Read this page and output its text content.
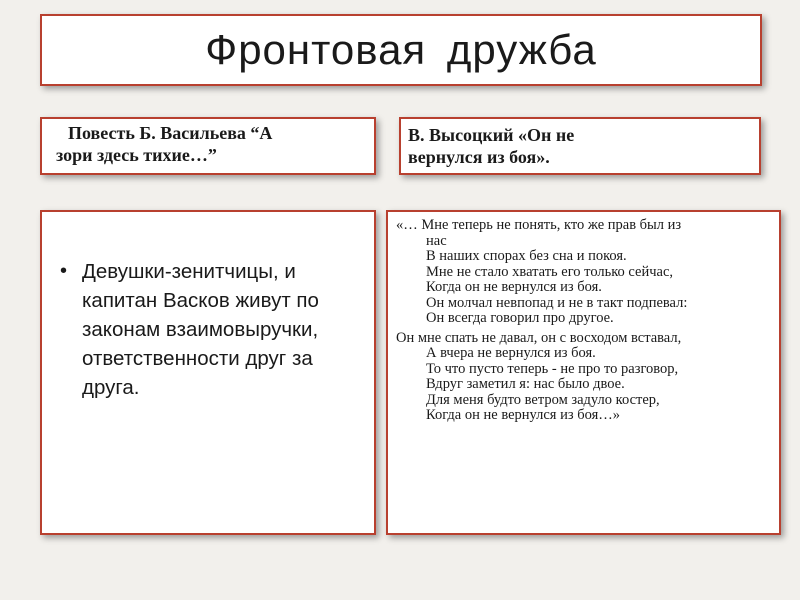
Фронтовая дружба
Повесть Б. Васильева “А
зори здесь тихие…”
В. Высоцкий «Он не
вернулся из боя».
• Девушки-зенитчицы, и капитан Васков живут по законам взаимовыручки, ответственности друг за друга.
«… Мне теперь не понять, кто же прав был из
нас
В наших спорах без сна и покоя.
Мне не стало хватать его только сейчас,
Когда он не вернулся из боя.
Он молчал невпопад и не в такт подпевал:
Он всегда говорил про другое.
Он мне спать не давал, он с восходом вставал,
А вчера не вернулся из боя.
То что пусто теперь - не про то разговор,
Вдруг заметил я: нас было двое.
Для меня будто ветром задуло костер,
Когда он не вернулся из боя…»
